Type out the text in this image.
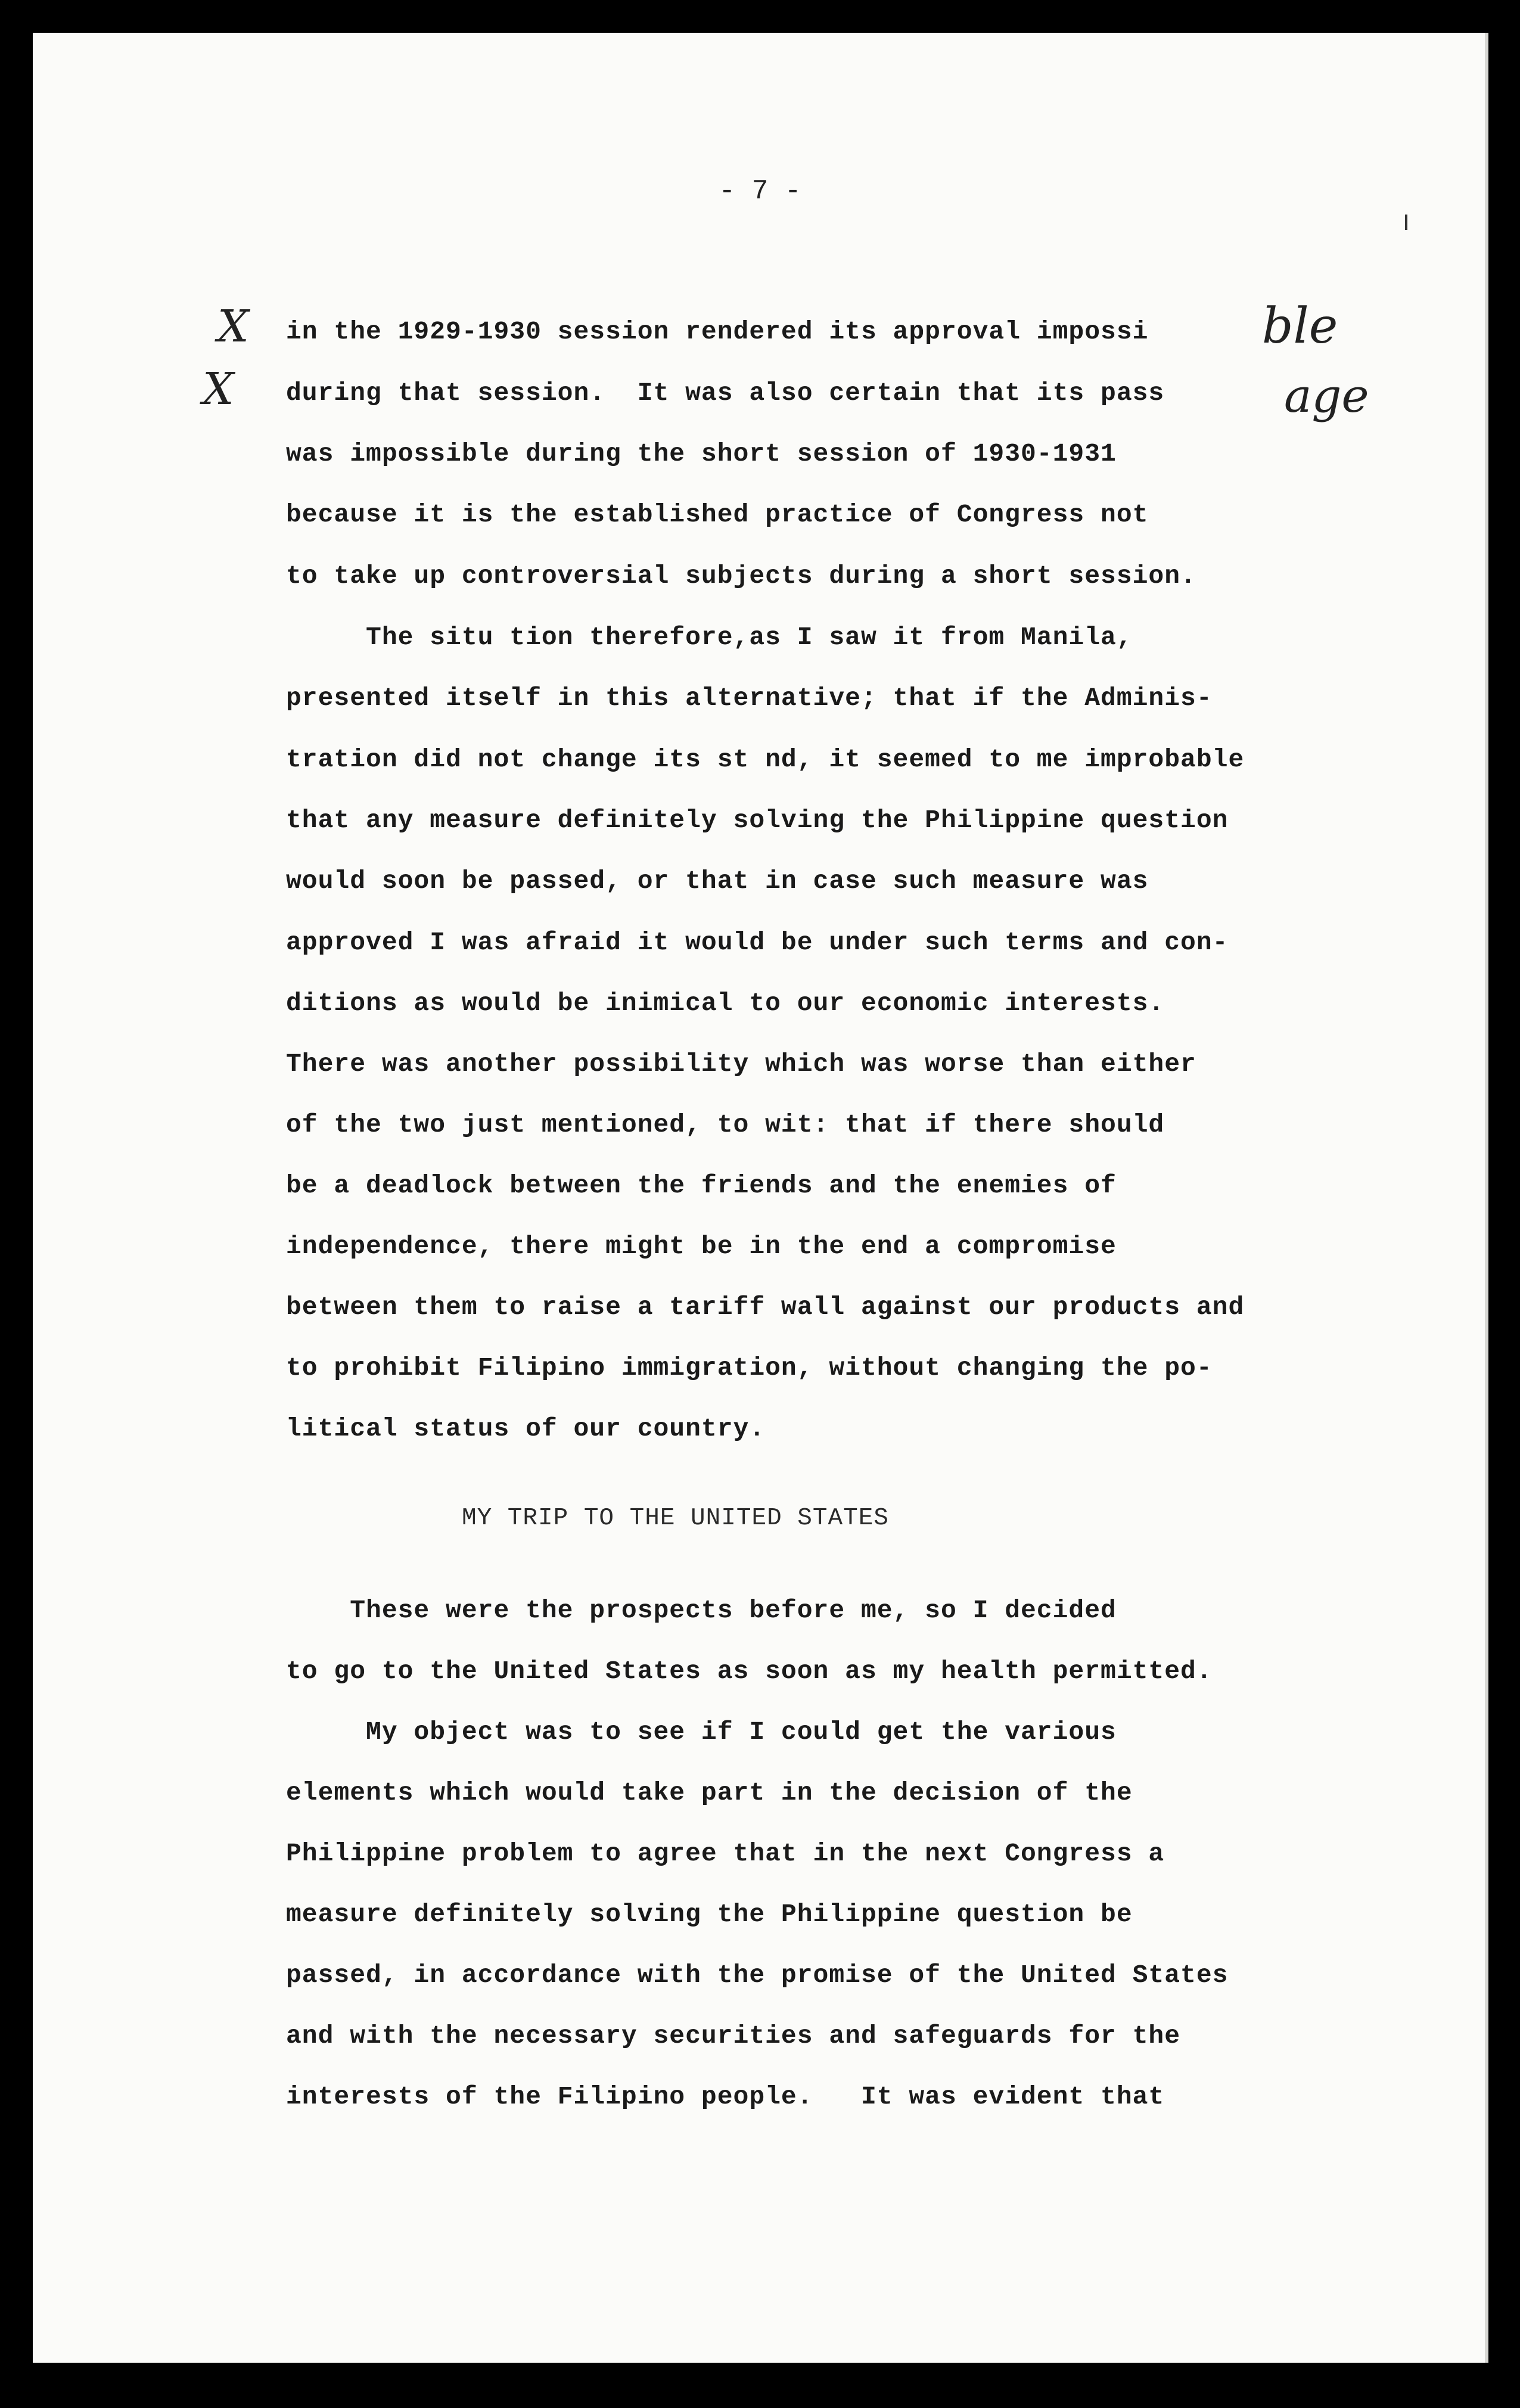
- 7 -
X
X
ble
age
in the 1929-1930 session rendered its approval impossi
during that session.  It was also certain that its pass
was impossible during the short session of 1930-1931
because it is the established practice of Congress not
to take up controversial subjects during a short session.
The situ tion therefore,as I saw it from Manila,
presented itself in this alternative; that if the Adminis-
tration did not change its st nd, it seemed to me improbable
that any measure definitely solving the Philippine question
would soon be passed, or that in case such measure was
approved I was afraid it would be under such terms and con-
ditions as would be inimical to our economic interests.
There was another possibility which was worse than either
of the two just mentioned, to wit: that if there should
be a deadlock between the friends and the enemies of
independence, there might be in the end a compromise
between them to raise a tariff wall against our products and
to prohibit Filipino immigration, without changing the po-
litical status of our country.
MY TRIP TO THE UNITED STATES
These were the prospects before me, so I decided
to go to the United States as soon as my health permitted.
My object was to see if I could get the various
elements which would take part in the decision of the
Philippine problem to agree that in the next Congress a
measure definitely solving the Philippine question be
passed, in accordance with the promise of the United States
and with the necessary securities and safeguards for the
interests of the Filipino people.   It was evident that
